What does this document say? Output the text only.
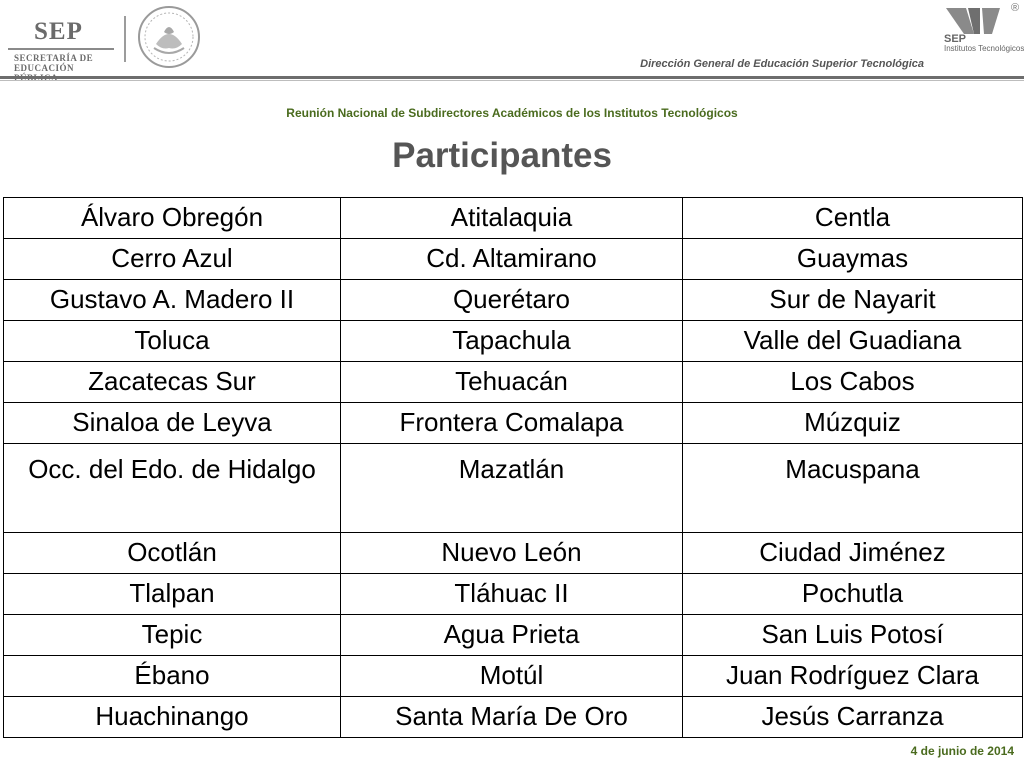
SEP
SECRETARÍA DE
EDUCACIÓN
®
SEP
Institutos Tecnológicos
Dirección General de Educación Superior Tecnológica
Reunión Nacional de Subdirectores Académicos de los Institutos Tecnológicos
Participantes
Álvaro Obregón	Atitalaquia	Centla
Cerro Azul	Cd. Altamirano	Guaymas
Gustavo A. Madero II	Querétaro	Sur de Nayarit
Toluca	Tapachula	Valle del Guadiana
Zacatecas Sur	Tehuacán	Los Cabos
Sinaloa de Leyva	Frontera Comalapa	Múzquiz
Occ. del Edo. de Hidalgo	Mazatlán	Macuspana
Ocotlán	Nuevo León	Ciudad Jiménez
Tlalpan	Tláhuac II	Pochutla
Tepic	Agua Prieta	San Luis Potosí
Ébano	Motúl	Juan Rodríguez Clara
Huachinango	Santa María De Oro	Jesús Carranza
4 de junio de 2014
